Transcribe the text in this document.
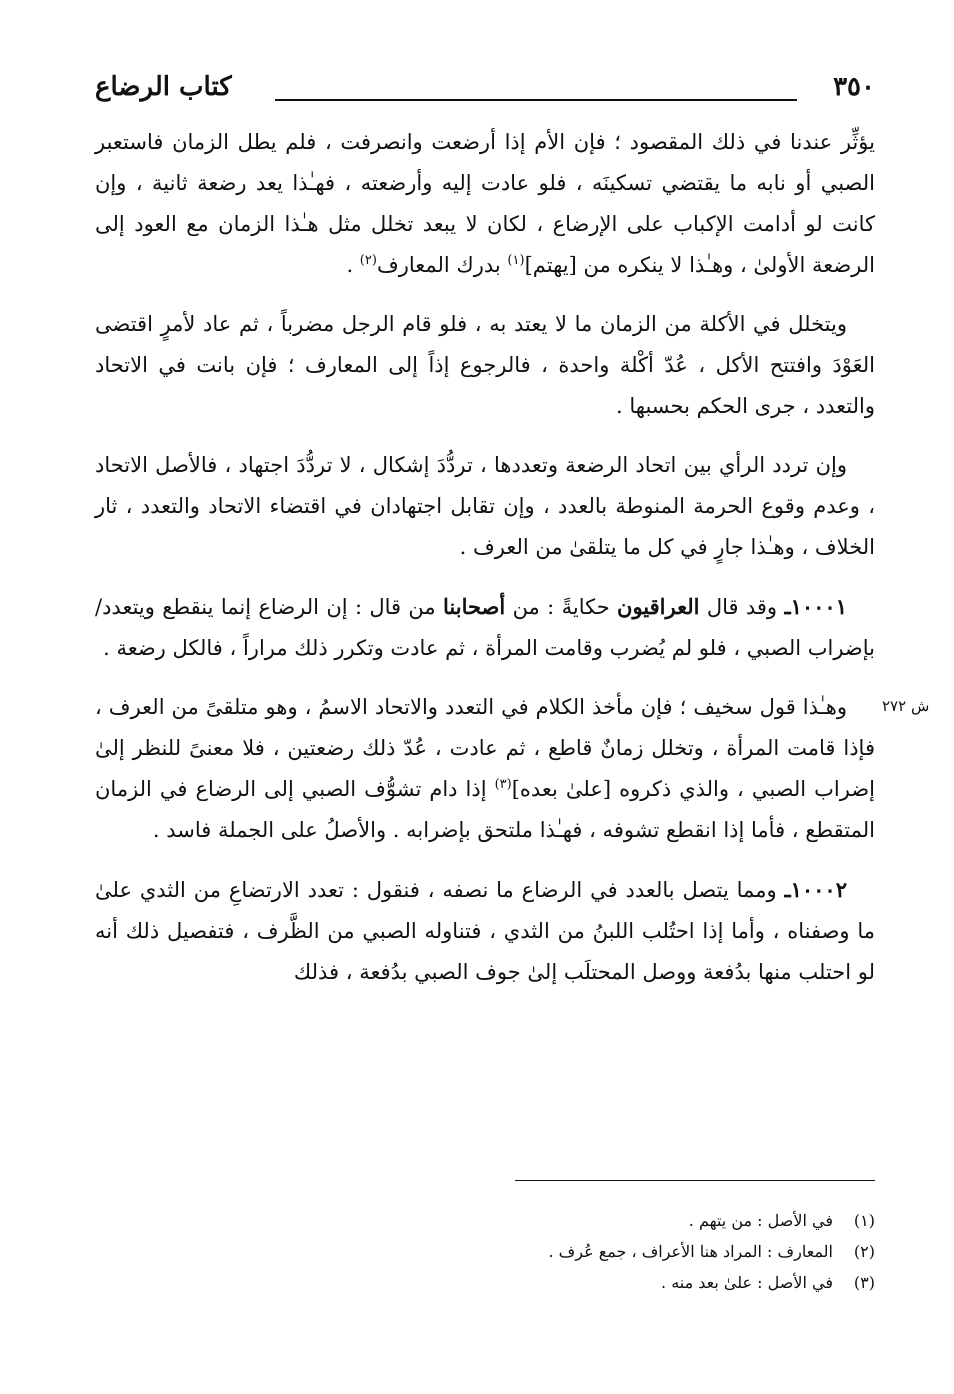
٣٥٠
كتاب الرضاع
ش ٢٧٢

يؤثِّر عندنا في ذلك المقصود ؛ فإن الأم إذا أرضعت وانصرفت ، فلم يطل الزمان فاستعبر الصبي أو نابه ما يقتضي تسكينَه ، فلو عادت إليه وأرضعته ، فهـٰذا يعد رضعة ثانية ، وإن كانت لو أدامت الإكباب على الإرضاع ، لكان لا يبعد تخلل مثل هـٰذا الزمان مع العود إلى الرضعة الأولىٰ ، وهـٰذا لا ينكره من [يهتم]$^{(١)}$ بدرك المعارف$^{(٢)}$ .

ويتخلل في الأكلة من الزمان ما لا يعتد به ، فلو قام الرجل مضرباً ، ثم عاد لأمرٍ اقتضى العَوْدَ وافتتح الأكل ، عُدّ أكْلة واحدة ، فالرجوع إذاً إلى المعارف ؛ فإن بانت في الاتحاد والتعدد ، جرى الحكم بحسبها .

وإن تردد الرأي بين اتحاد الرضعة وتعددها ، تردُّدَ إشكال ، لا تردُّدَ اجتهاد ، فالأصل الاتحاد ، وعدم وقوع الحرمة المنوطة بالعدد ، وإن تقابل اجتهادان في اقتضاء الاتحاد والتعدد ، ثار الخلاف ، وهـٰذا جارٍ في كل ما يتلقىٰ من العرف .

١٠٠٠١ـ وقد قال العراقيون حكايةً : من أصحابنا من قال : إن الرضاع إنما ينقطع ويتعدد/ بإضراب الصبي ، فلو لم يُضرب وقامت المرأة ، ثم عادت وتكرر ذلك مراراً ، فالكل رضعة .

وهـٰذا قول سخيف ؛ فإن مأخذ الكلام في التعدد والاتحاد الاسمُ ، وهو متلقىً من العرف ، فإذا قامت المرأة ، وتخلل زمانٌ قاطع ، ثم عادت ، عُدّ ذلك رضعتين ، فلا معنىً للنظر إلىٰ إضراب الصبي ، والذي ذكروه [علىٰ بعده]$^{(٣)}$ إذا دام تشوُّف الصبي إلى الرضاع في الزمان المتقطع ، فأما إذا انقطع تشوفه ، فهـٰذا ملتحق بإضرابه . والأصلُ على الجملة فاسد .

١٠٠٠٢ـ ومما يتصل بالعدد في الرضاع ما نصفه ، فنقول : تعدد الارتضاعِ من الثدي علىٰ ما وصفناه ، وأما إذا احتُلب اللبنُ من الثدي ، فتناوله الصبي من الظَّرف ، فتفصيل ذلك أنه لو احتلب منها بدُفعة ووصل المحتلَب إلىٰ جوف الصبي بدُفعة ، فذلك

(١)في الأصل : من يتهم .
(٢)المعارف : المراد هنا الأعراف ، جمع عُرف .
(٣)في الأصل : علىٰ بعد منه .
